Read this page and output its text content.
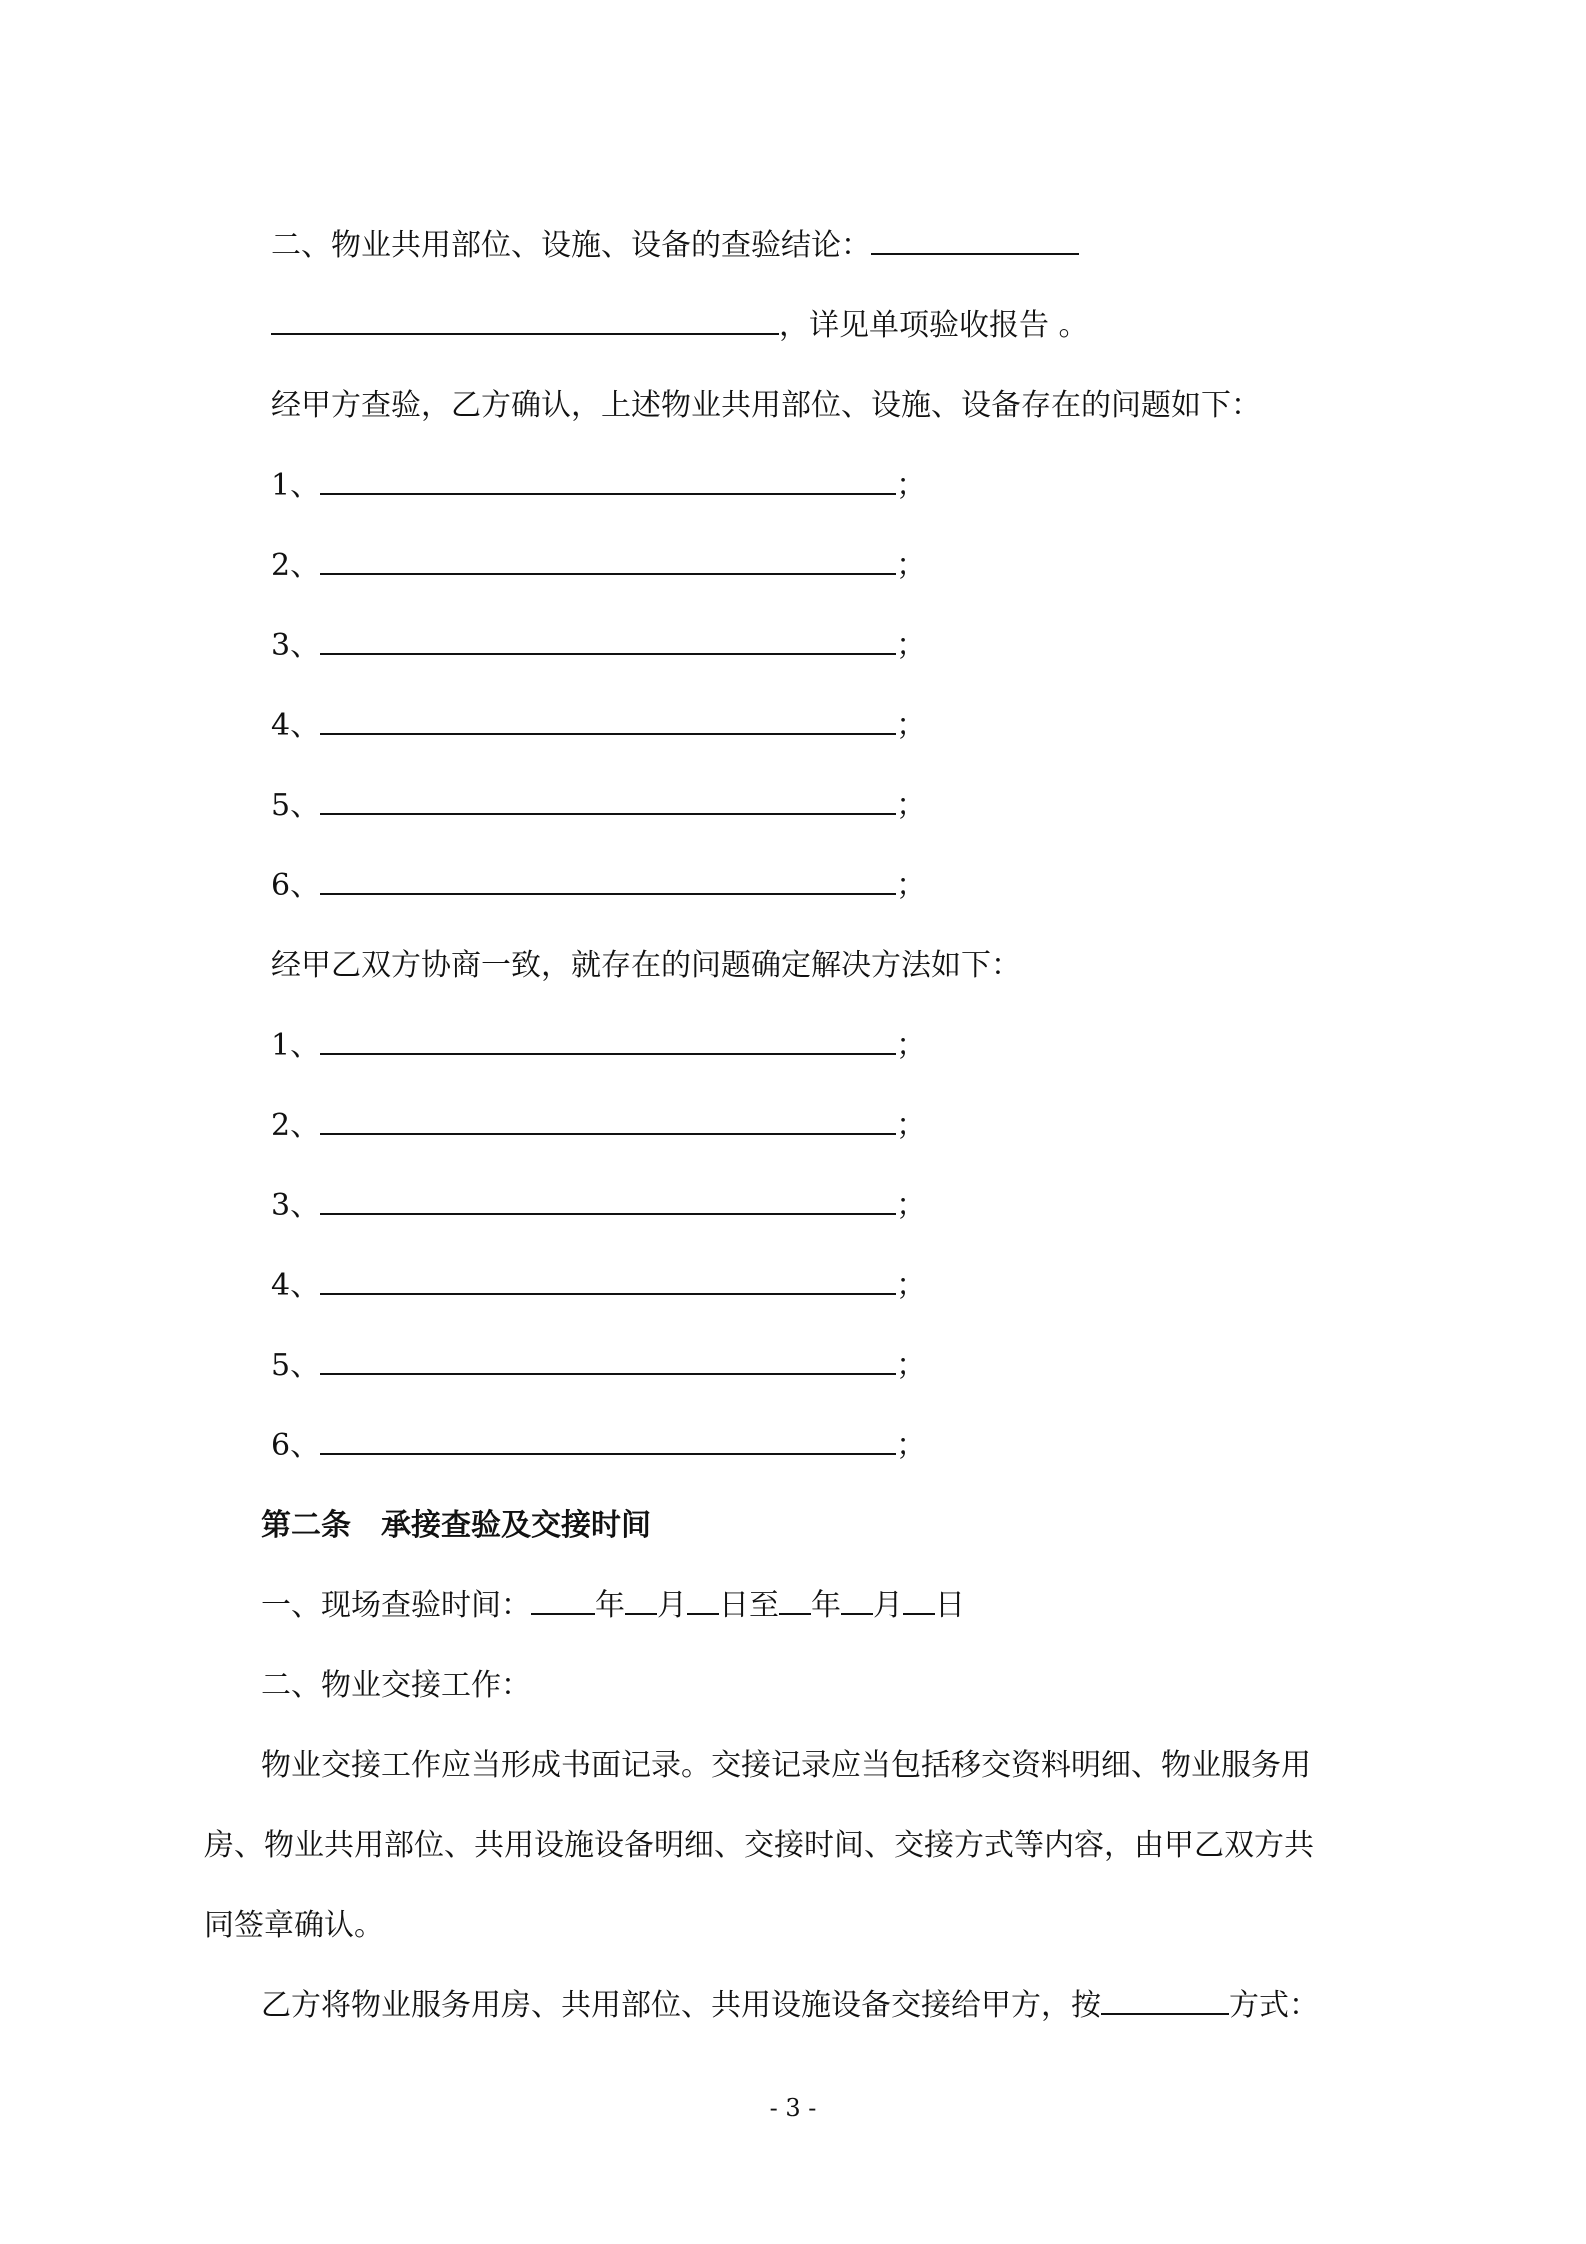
二、物业共用部位、设施、设备的查验结论：
，详见单项验收报告 。
经甲方查验，乙方确认，上述物业共用部位、设施、设备存在的问题如下：
1、	；
2、	；
3、	；
4、	；
5、	；
6、	；
经甲乙双方协商一致，就存在的问题确定解决方法如下：
1、	；
2、	；
3、	；
4、	；
5、	；
6、	；
第二条　承接查验及交接时间
一、现场查验时间： 年 月 日至 年 月 日
二、物业交接工作：
物业交接工作应当形成书面记录。交接记录应当包括移交资料明细、物业服务用
房、物业共用部位、共用设施设备明细、交接时间、交接方式等内容，由甲乙双方共
同签章确认。
乙方将物业服务用房、共用部位、共用设施设备交接给甲方，按	方式：
- 3 -
